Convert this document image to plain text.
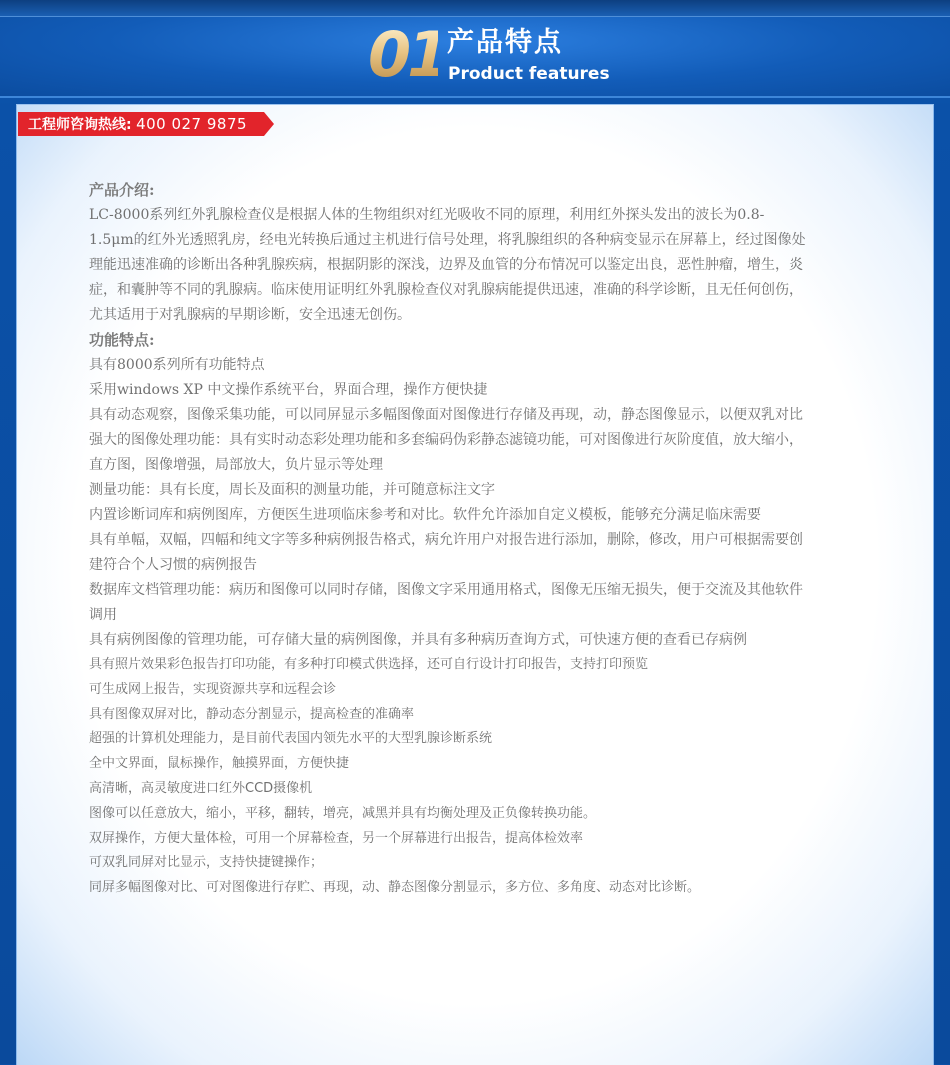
01 产品特点
Product features
工程师咨询热线: 400 027 9875
产品介绍:
LC-8000系列红外乳腺检查仪是根据人体的生物组织对红光吸收不同的原理，利用红外探头发出的波长为0.8-1.5μm的红外光透照乳房，经电光转换后通过主机进行信号处理，将乳腺组织的各种病变显示在屏幕上，经过图像处理能迅速准确的诊断出各种乳腺疾病，根据阴影的深浅，边界及血管的分布情况可以鉴定出良，恶性肿瘤，增生，炎症，和囊肿等不同的乳腺病。临床使用证明红外乳腺检查仪对乳腺病能提供迅速，准确的科学诊断，且无任何创伤，尤其适用于对乳腺病的早期诊断，安全迅速无创伤。
功能特点:
具有8000系列所有功能特点
采用windows XP 中文操作系统平台，界面合理，操作方便快捷
具有动态观察，图像采集功能，可以同屏显示多幅图像面对图像进行存储及再现，动，静态图像显示，以便双乳对比
强大的图像处理功能：具有实时动态彩处理功能和多套编码伪彩静态滤镜功能，可对图像进行灰阶度值，放大缩小，直方图，图像增强，局部放大，负片显示等处理
测量功能：具有长度，周长及面积的测量功能，并可随意标注文字
内置诊断词库和病例图库，方便医生进项临床参考和对比。软件允许添加自定义模板，能够充分满足临床需要
具有单幅，双幅，四幅和纯文字等多种病例报告格式，病允许用户对报告进行添加，删除，修改，用户可根据需要创建符合个人习惯的病例报告
数据库文档管理功能：病历和图像可以同时存储，图像文字采用通用格式，图像无压缩无损失，便于交流及其他软件调用
具有病例图像的管理功能，可存储大量的病例图像，并具有多种病历查询方式，可快速方便的查看已存病例
具有照片效果彩色报告打印功能，有多种打印模式供选择，还可自行设计打印报告，支持打印预览
可生成网上报告，实现资源共享和远程会诊
具有图像双屏对比，静动态分割显示，提高检查的准确率
超强的计算机处理能力，是目前代表国内领先水平的大型乳腺诊断系统
全中文界面，鼠标操作，触摸界面，方便快捷
高清晰，高灵敏度进口红外CCD摄像机
图像可以任意放大，缩小，平移，翻转，增亮，减黑并具有均衡处理及正负像转换功能。
双屏操作，方便大量体检，可用一个屏幕检查，另一个屏幕进行出报告，提高体检效率
可双乳同屏对比显示，支持快捷键操作；
同屏多幅图像对比、可对图像进行存贮、再现，动、静态图像分割显示，多方位、多角度、动态对比诊断。
